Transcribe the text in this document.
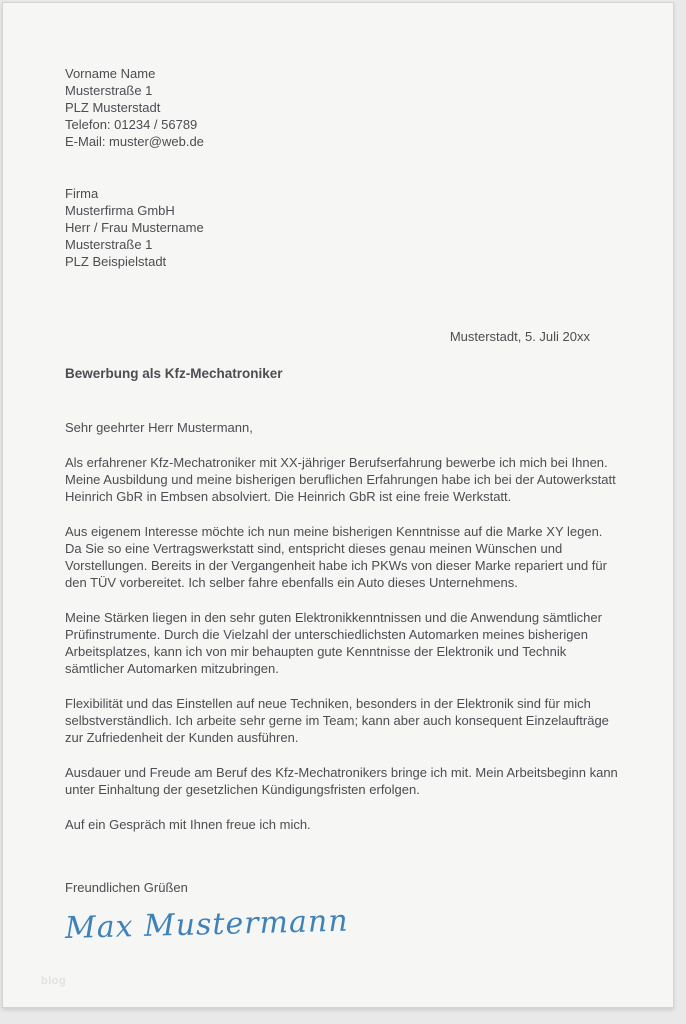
Vorname Name
Musterstraße 1
PLZ Musterstadt
Telefon: 01234 / 56789
E-Mail: muster@web.de
Firma
Musterfirma GmbH
Herr / Frau Mustername
Musterstraße 1
PLZ Beispielstadt
Musterstadt, 5. Juli 20xx
Bewerbung als Kfz-Mechatroniker
Sehr geehrter Herr Mustermann,

Als erfahrener Kfz-Mechatroniker mit XX-jähriger Berufserfahrung bewerbe ich mich bei Ihnen. Meine Ausbildung und meine bisherigen beruflichen Erfahrungen habe ich bei der Autowerkstatt Heinrich GbR in Embsen absolviert. Die Heinrich GbR ist eine freie Werkstatt.

Aus eigenem Interesse möchte ich nun meine bisherigen Kenntnisse auf die Marke XY legen. Da Sie so eine Vertragswerkstatt sind, entspricht dieses genau meinen Wünschen und Vorstellungen. Bereits in der Vergangenheit habe ich PKWs von dieser Marke repariert und für den TÜV vorbereitet. Ich selber fahre ebenfalls ein Auto dieses Unternehmens.

Meine Stärken liegen in den sehr guten Elektronikkenntnissen und die Anwendung sämtlicher Prüfinstrumente. Durch die Vielzahl der unterschiedlichsten Automarken meines bisherigen Arbeitsplatzes, kann ich von mir behaupten gute Kenntnisse der Elektronik und Technik sämtlicher Automarken mitzubringen.

Flexibilität und das Einstellen auf neue Techniken, besonders in der Elektronik sind für mich selbstverständlich. Ich arbeite sehr gerne im Team; kann aber auch konsequent Einzelaufträge zur Zufriedenheit der Kunden ausführen.

Ausdauer und Freude am Beruf des Kfz-Mechatronikers bringe ich mit. Mein Arbeitsbeginn kann unter Einhaltung der gesetzlichen Kündigungsfristen erfolgen.

Auf ein Gespräch mit Ihnen freue ich mich.

Freundlichen Grüßen
Max Mustermann
blog
